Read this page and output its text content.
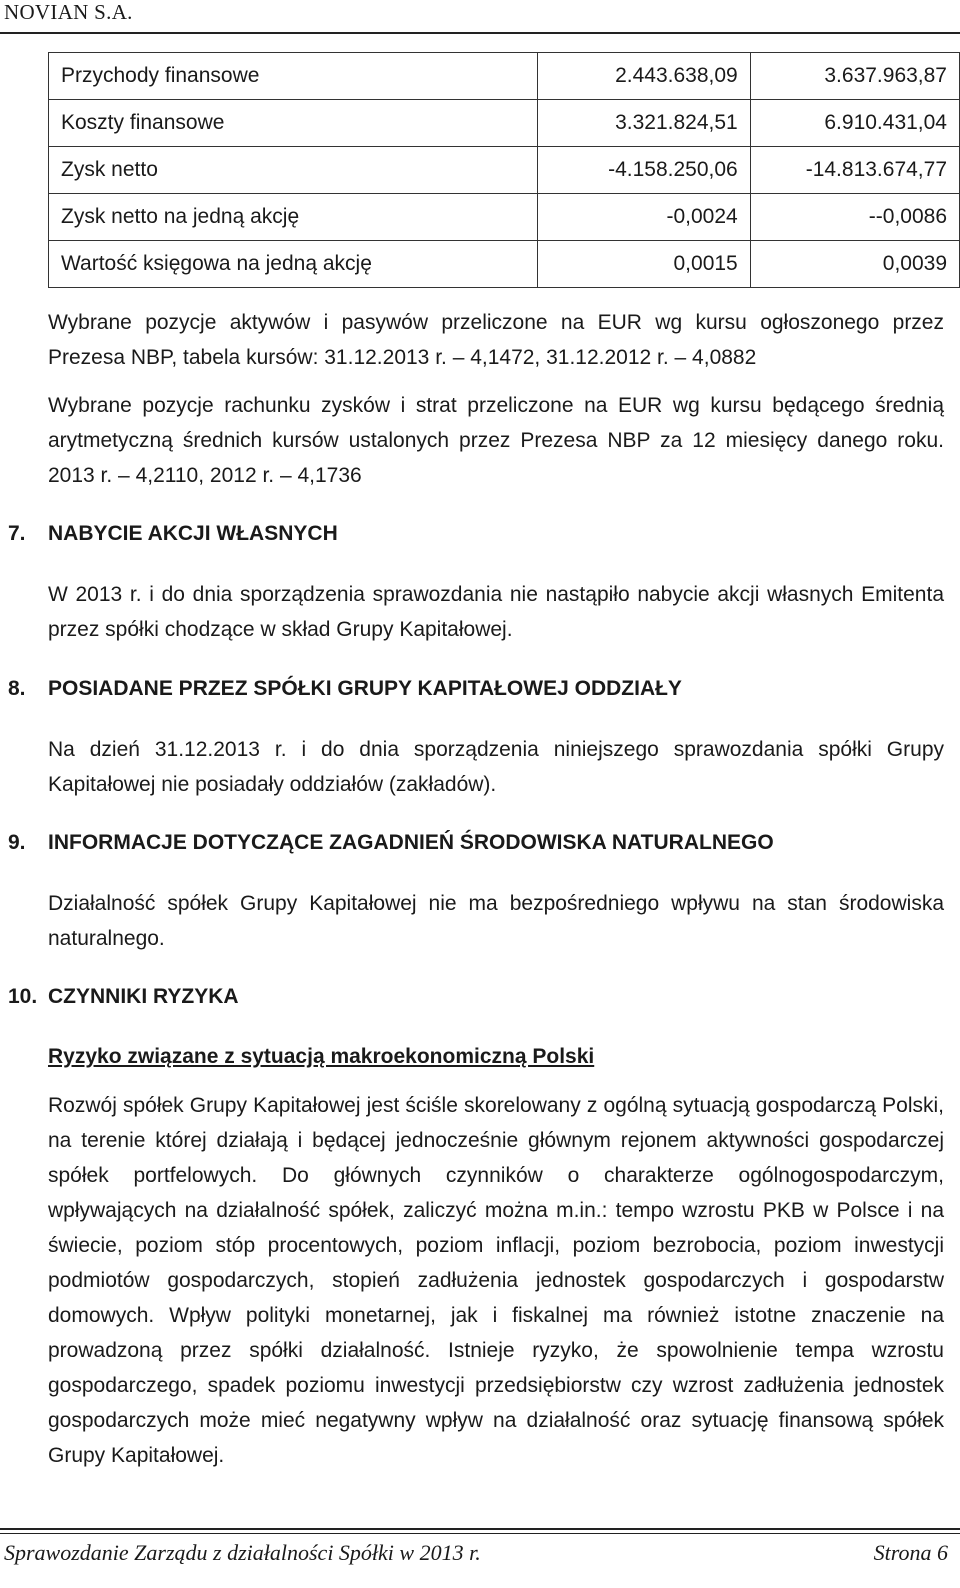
NOVIAN S.A.
Przychody finansowe	2.443.638,09	3.637.963,87
Koszty finansowe	3.321.824,51	6.910.431,04
Zysk netto	-4.158.250,06	-14.813.674,77
Zysk netto na jedną akcję	-0,0024	--0,0086
Wartość księgowa na jedną akcję	0,0015	0,0039
Wybrane pozycje aktywów i pasywów przeliczone na EUR wg kursu ogłoszonego przez Prezesa NBP, tabela kursów: 31.12.2013 r. – 4,1472, 31.12.2012 r. – 4,0882
Wybrane pozycje rachunku zysków i strat przeliczone na EUR wg kursu będącego średnią arytmetyczną średnich kursów ustalonych przez Prezesa NBP za 12 miesięcy danego roku. 2013 r. – 4,2110, 2012 r. – 4,1736
7. NABYCIE AKCJI WŁASNYCH
W 2013 r. i do dnia sporządzenia sprawozdania nie nastąpiło nabycie akcji własnych Emitenta przez spółki chodzące w skład Grupy Kapitałowej.
8. POSIADANE PRZEZ SPÓŁKI GRUPY KAPITAŁOWEJ ODDZIAŁY
Na dzień 31.12.2013 r. i do dnia sporządzenia niniejszego sprawozdania spółki Grupy Kapitałowej nie posiadały oddziałów (zakładów).
9. INFORMACJE DOTYCZĄCE ZAGADNIEŃ ŚRODOWISKA NATURALNEGO
Działalność spółek Grupy Kapitałowej nie ma bezpośredniego wpływu na stan środowiska naturalnego.
10. CZYNNIKI RYZYKA
Ryzyko związane z sytuacją makroekonomiczną Polski
Rozwój spółek Grupy Kapitałowej jest ściśle skorelowany z ogólną sytuacją gospodarczą Polski, na terenie której działają i będącej jednocześnie głównym rejonem aktywności gospodarczej spółek portfelowych. Do głównych czynników o charakterze ogólnogospodarczym, wpływających na działalność spółek, zaliczyć można m.in.: tempo wzrostu PKB w Polsce i na świecie, poziom stóp procentowych, poziom inflacji, poziom bezrobocia, poziom inwestycji podmiotów gospodarczych, stopień zadłużenia jednostek gospodarczych i gospodarstw domowych. Wpływ polityki monetarnej, jak i fiskalnej ma również istotne znaczenie na prowadzoną przez spółki działalność. Istnieje ryzyko, że spowolnienie tempa wzrostu gospodarczego, spadek poziomu inwestycji przedsiębiorstw czy wzrost zadłużenia jednostek gospodarczych może mieć negatywny wpływ na działalność oraz sytuację finansową spółek Grupy Kapitałowej.
Sprawozdanie Zarządu z działalności Spółki w 2013 r.	Strona 6
